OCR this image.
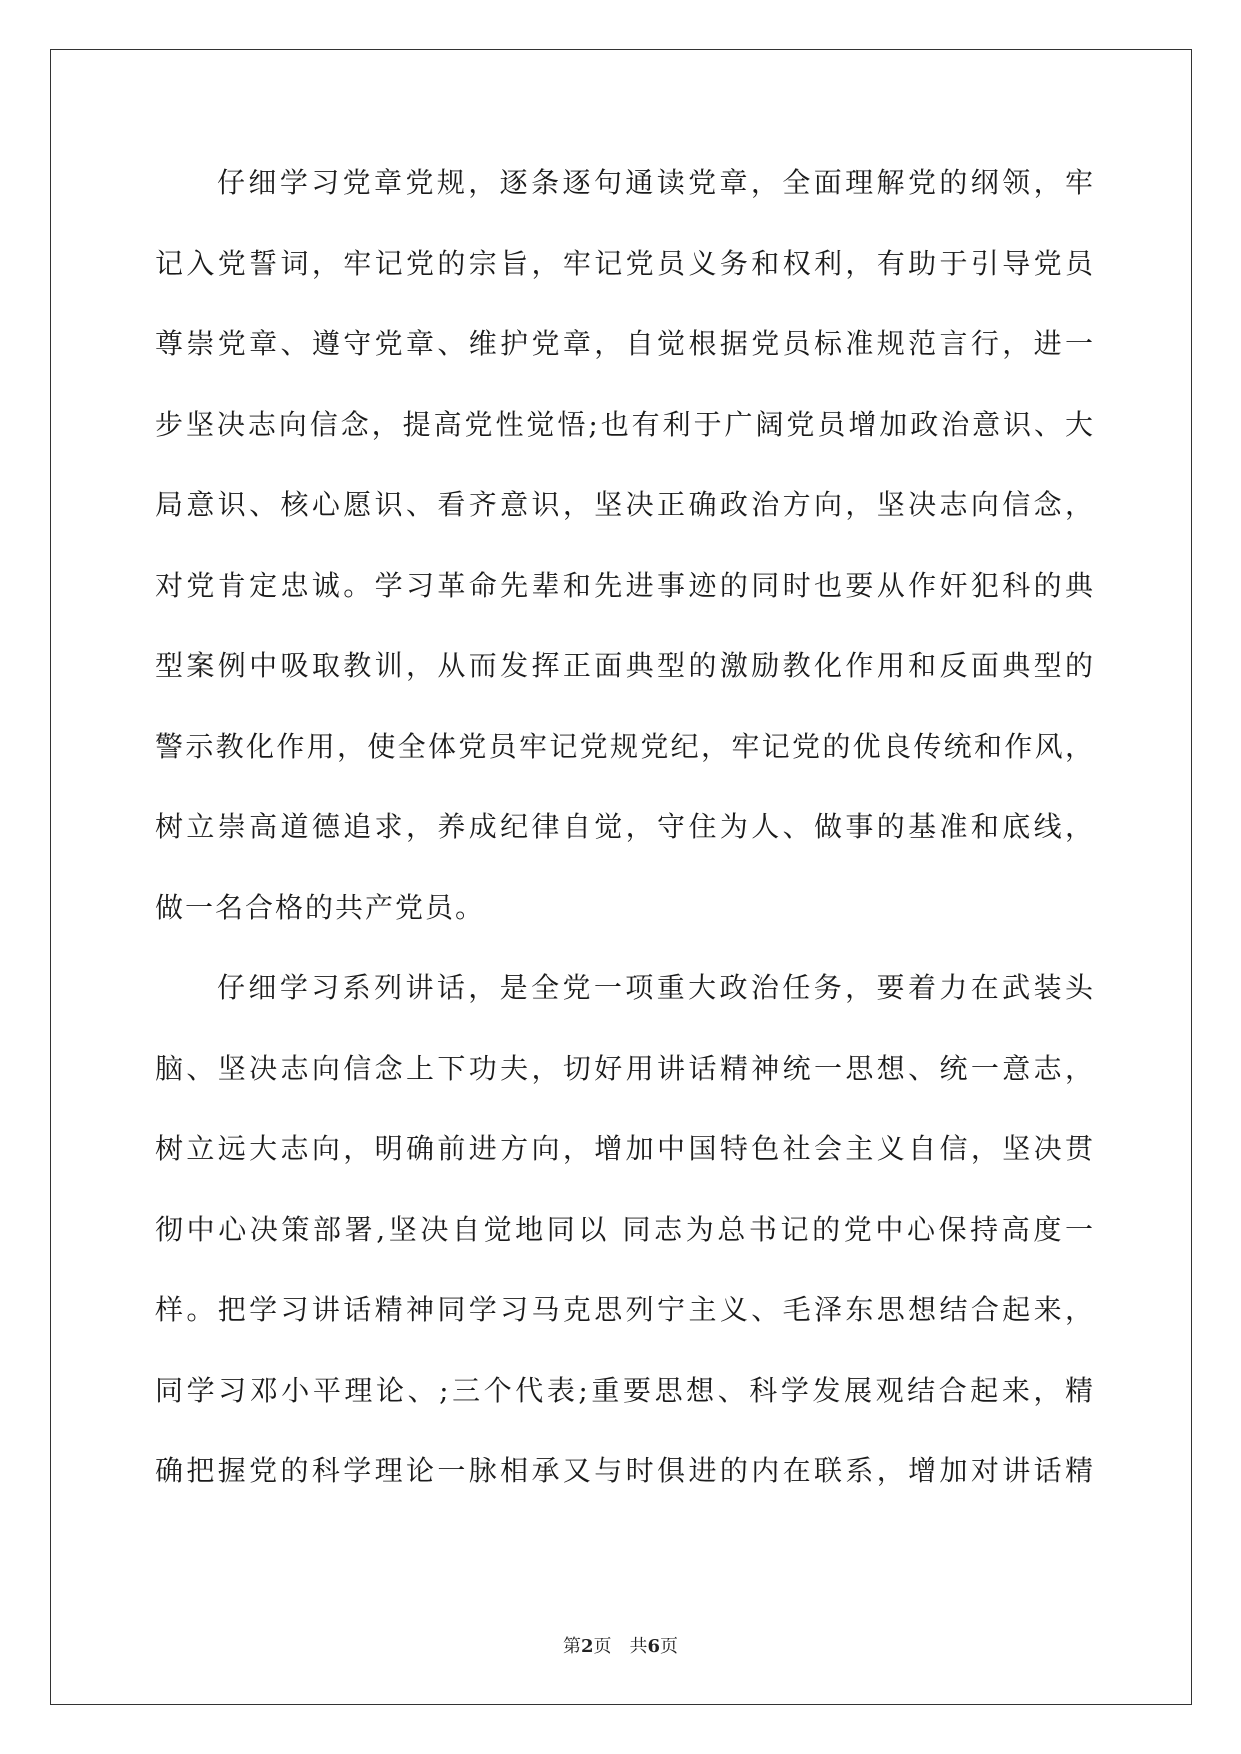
仔细学习党章党规，逐条逐句通读党章，全面理解党的纲领，牢
记入党誓词，牢记党的宗旨，牢记党员义务和权利，有助于引导党员
尊崇党章、遵守党章、维护党章，自觉根据党员标准规范言行，进一
步坚决志向信念，提高党性觉悟;也有利于广阔党员增加政治意识、大
局意识、核心愿识、看齐意识，坚决正确政治方向，坚决志向信念，
对党肯定忠诚。学习革命先辈和先进事迹的同时也要从作奸犯科的典
型案例中吸取教训，从而发挥正面典型的激励教化作用和反面典型的
警示教化作用，使全体党员牢记党规党纪，牢记党的优良传统和作风，
树立崇高道德追求，养成纪律自觉，守住为人、做事的基准和底线，
做一名合格的共产党员。
仔细学习系列讲话，是全党一项重大政治任务，要着力在武装头
脑、坚决志向信念上下功夫，切好用讲话精神统一思想、统一意志，
树立远大志向，明确前进方向，增加中国特色社会主义自信，坚决贯
彻中心决策部署,坚决自觉地同以 同志为总书记的党中心保持高度一
样。把学习讲话精神同学习马克思列宁主义、毛泽东思想结合起来，
同学习邓小平理论、;三个代表;重要思想、科学发展观结合起来，精
确把握党的科学理论一脉相承又与时俱进的内在联系，增加对讲话精
第2页 共6页
